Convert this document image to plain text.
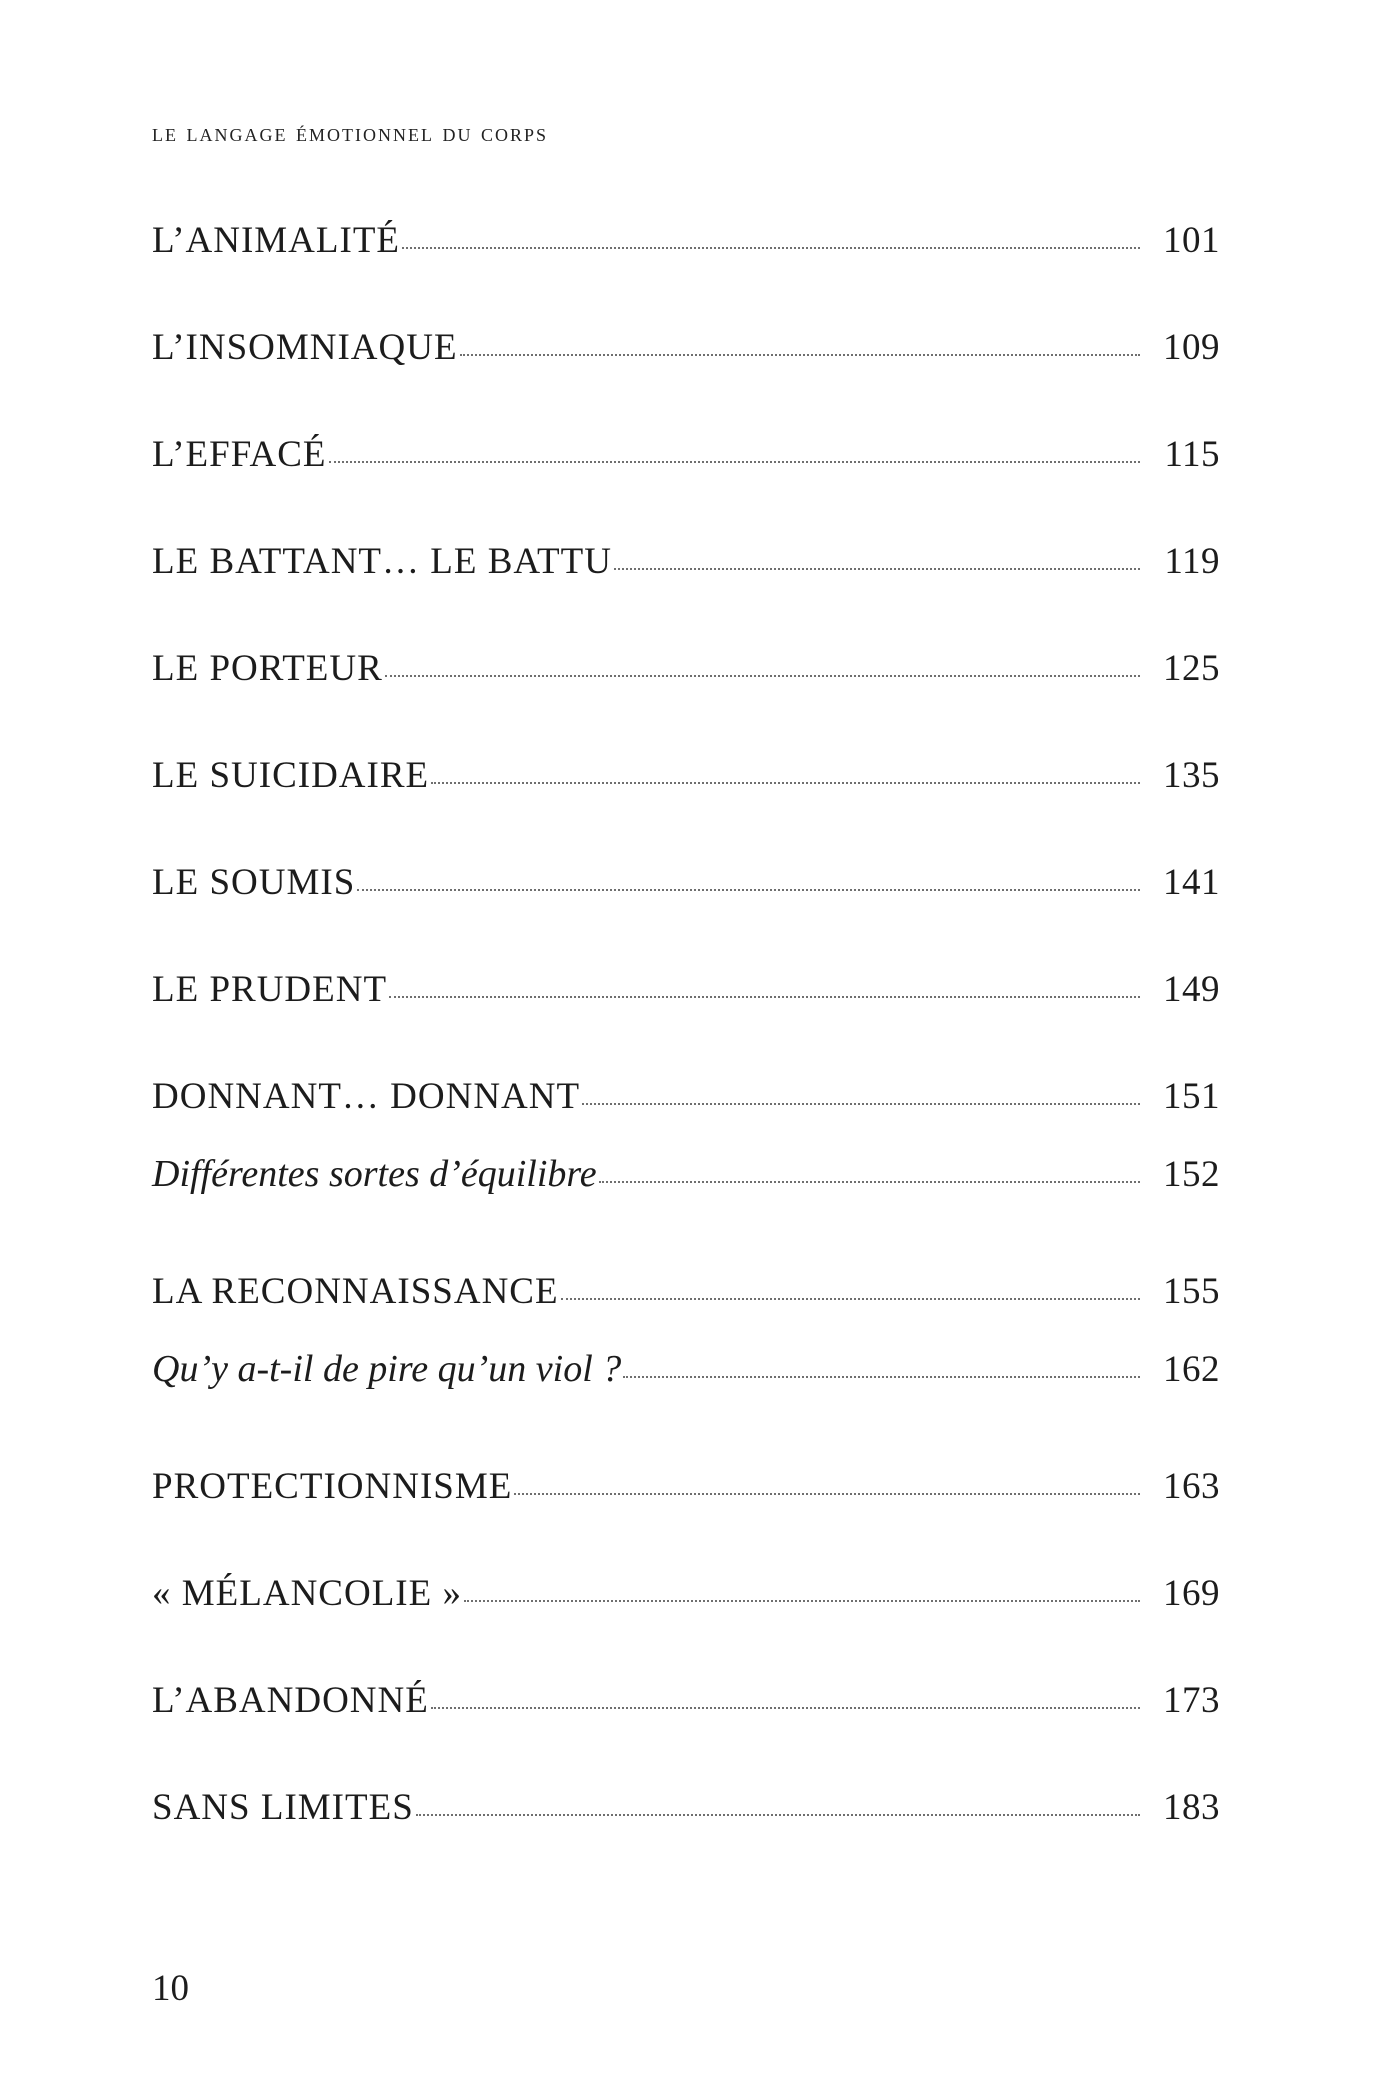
le langage émotionnel du corps
L’ANIMALITÉ	101
L’INSOMNIAQUE	109
L’EFFACÉ	115
LE BATTANT… LE BATTU	119
LE PORTEUR	125
LE SUICIDAIRE	135
LE SOUMIS	141
LE PRUDENT	149
DONNANT… DONNANT	151
Différentes sortes d’équilibre	152
LA RECONNAISSANCE	155
Qu’y a-t-il de pire qu’un viol ?	162
PROTECTIONNISME	163
« MÉLANCOLIE »	169
L’ABANDONNÉ	173
SANS LIMITES	183
10
